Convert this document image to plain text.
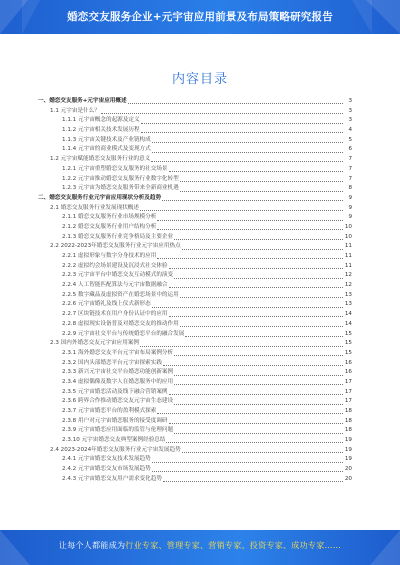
婚恋交友服务企业+元宇宙应用前景及布局策略研究报告
内容目录
一、婚恋交友服务+元宇宙应用概述	3
1.1 元宇宙是什么？	3
1.1.1 元宇宙概念的起源及定义	3
1.1.2 元宇宙相关技术发展历程	4
1.1.3 元宇宙关键技术及产业链构成	5
1.1.4 元宇宙的商业模式及变现方式	6
1.2 元宇宙赋能婚恋交友服务行业的意义	7
1.2.1 元宇宙重塑婚恋交友服务的社交场景	7
1.2.2 元宇宙推动婚恋交友服务行业数字化转型	7
1.2.3 元宇宙为婚恋交友服务带来全新商业机遇	8
二、婚恋交友服务行业元宇宙应用现状分析及趋势	9
2.1 婚恋交友服务行业发展现状概述	9
2.1.1 婚恋交友服务行业市场规模分析	9
2.1.2 婚恋交友服务行业用户结构分析	10
2.1.3 婚恋交友服务行业竞争格局及主要企业	10
2.2 2022-2023年婚恋交友服务行业元宇宙应用热点	11
2.2.1 虚拟形象与数字分身技术的应用	11
2.2.2 虚拟约会场景建设及沉浸式社交体验	11
2.2.3 元宇宙平台中婚恋交友互动模式的演变	12
2.2.4 人工智能匹配算法与元宇宙数据融合	12
2.2.5 数字藏品及虚拟资产在婚恋场景中的运用	13
2.2.6 元宇宙婚礼及线上仪式新形态	13
2.2.7 区块链技术在用户身份认证中的应用	14
2.2.8 虚拟现实设备普及对婚恋交友的推动作用	14
2.2.9 元宇宙社交平台与传统婚恋平台的融合发展	15
2.3 国内外婚恋交友元宇宙应用案例	15
2.3.1 海外婚恋交友平台元宇宙布局案例分析	15
2.3.2 国内头部婚恋平台元宇宙探索实践	16
2.3.3 新兴元宇宙社交平台婚恋功能创新案例	16
2.3.4 虚拟偶像及数字人在婚恋服务中的应用	17
2.3.5 元宇宙婚恋活动及线下融合营销案例	17
2.3.6 跨界合作推动婚恋交友元宇宙生态建设	17
2.3.7 元宇宙婚恋平台的盈利模式探索	18
2.3.8 用户对元宇宙婚恋服务的接受度调研	18
2.3.9 元宇宙婚恋应用面临的监管与伦理问题	18
2.3.10 元宇宙婚恋交友典型案例经验总结	19
2.4 2023-2024年婚恋交友服务行业元宇宙发展趋势	19
2.4.1 元宇宙婚恋交友技术发展趋势	19
2.4.2 元宇宙婚恋交友市场发展趋势	20
2.4.3 元宇宙婚恋交友用户需求变化趋势	20
让每个人都能成为行业专家、管理专家、营销专家、投资专家、成功专家……
